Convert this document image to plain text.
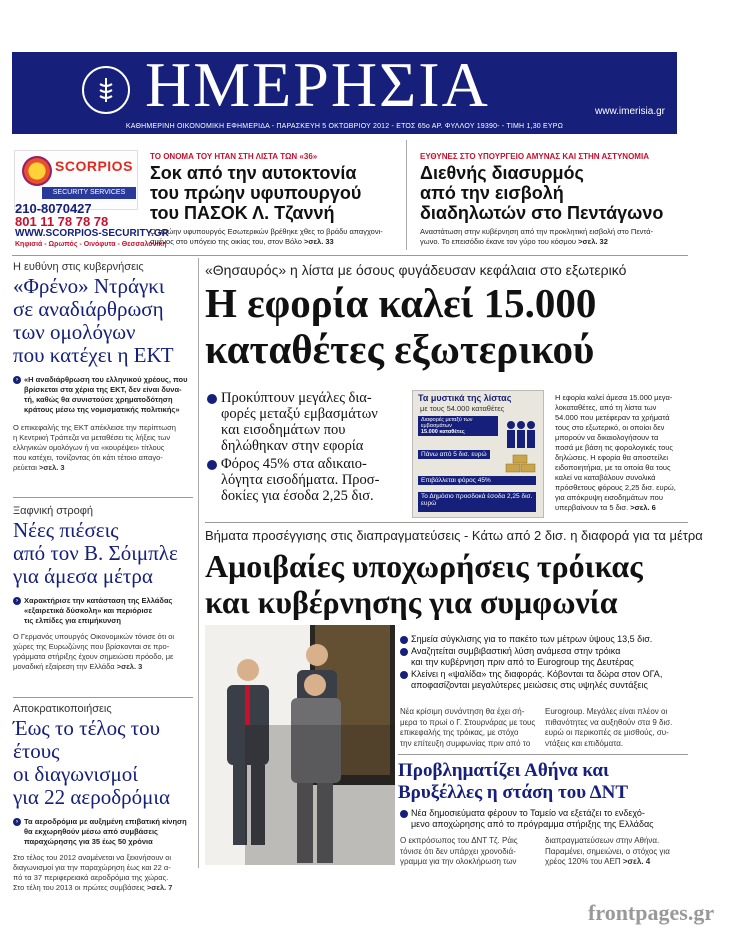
ΗΜΕΡΗΣΙΑ	www.imerisia.gr
ΚΑΘΗΜΕΡΙΝΗ ΟΙΚΟΝΟΜΙΚΗ ΕΦΗΜΕΡΙΔΑ - ΠΑΡΑΣΚΕΥΗ 5 ΟΚΤΩΒΡΙΟΥ 2012 - ΕΤΟΣ 65ο ΑΡ. ΦΥΛΛΟΥ 19390- - ΤΙΜΗ 1,30 ΕΥΡΩ
SCORPIOS
SECURITY SERVICES
210-8070427
801 11 78 78 78
WWW.SCORPIOS-SECURITY.GR
Κηφισιά - Ωρωπός - Οινόφυτα - Θεσσαλονίκη
ΤΟ ΟΝΟΜΑ ΤΟΥ ΗΤΑΝ ΣΤΗ ΛΙΣΤΑ ΤΩΝ «36»
Σοκ από την αυτοκτονία
του πρώην υφυπουργού
του ΠΑΣΟΚ Λ. Τζαννή
Ο πρώην υφυπουργός Εσωτερικών βρέθηκε χθες το βράδυ απαγχονι-
σμένος στο υπόγειο της οικίας του, στον Βόλο >σελ. 33
ΕΥΘΥΝΕΣ ΣΤΟ ΥΠΟΥΡΓΕΙΟ ΑΜΥΝΑΣ ΚΑΙ ΣΤΗΝ ΑΣΤΥΝΟΜΙΑ
Διεθνής διασυρμός
από την εισβολή
διαδηλωτών στο Πεντάγωνο
Αναστάτωση στην κυβέρνηση από την προκλητική εισβολή στο Πεντά-
γωνο. Το επεισόδιο έκανε τον γύρο του κόσμου >σελ. 32
Η ευθύνη στις κυβερνήσεις
«Φρένο» Ντράγκι
σε αναδιάρθρωση
των ομολόγων
που κατέχει η ΕΚΤ
› «Η αναδιάρθρωση του ελληνικού χρέους, που
βρίσκεται στα χέρια της ΕΚΤ, δεν είναι δυνα-
τή, καθώς θα συνιστούσε χρηματοδότηση
κράτους μέσω της νομισματικής πολιτικής»
Ο επικεφαλής της ΕΚΤ απέκλεισε την περίπτωση
η Κεντρική Τράπεζα να μεταθέσει τις λήξεις των
ελληνικών ομολόγων ή να «κουρέψει» τίτλους
που κατέχει, τονίζοντας ότι κάτι τέτοιο απαγο-
ρεύεται >σελ. 3
Ξαφνική στροφή
Νέες πιέσεις
από τον Β. Σόιμπλε
για άμεσα μέτρα
› Χαρακτήρισε την κατάσταση της Ελλάδας
«εξαιρετικά δύσκολη» και περιόρισε
τις ελπίδες για επιμήκυνση
Ο Γερμανός υπουργός Οικονομικών τόνισε ότι οι
χώρες της Ευρωζώνης που βρίσκονται σε προ-
γράμματα στήριξης έχουν σημειώσει πρόοδο, με
μοναδική εξαίρεση την Ελλάδα >σελ. 3
Αποκρατικοποιήσεις
Έως το τέλος του έτους
οι διαγωνισμοί
για 22 αεροδρόμια
› Τα αεροδρόμια με αυξημένη επιβατική κίνηση
θα εκχωρηθούν μέσω από συμβάσεις
παραχώρησης για 35 έως 50 χρόνια
Στο τέλος του 2012 αναμένεται να ξεκινήσουν οι
διαγωνισμοί για την παραχώρηση έως και 22 α-
πό τα 37 περιφερειακά αεροδρόμια της χώρας.
Στο τέλη του 2013 οι πρώτες συμβάσεις >σελ. 7
«Θησαυρός» η λίστα με όσους φυγάδευσαν κεφάλαια στο εξωτερικό
Η εφορία καλεί 15.000
καταθέτες εξωτερικού
Προκύπτουν μεγάλες δια-
φορές μεταξύ εμβασμάτων
και εισοδημάτων που
δηλώθηκαν στην εφορία
Φόρος 45% στα αδικαιο-
λόγητα εισοδήματα. Προσ-
δοκίες για έσοδα 2,25 δισ.
Τα μυστικά της λίστας
με τους 54.000 καταθέτες
Διαφορές μεταξύ των εμβασμάτων
15.000 καταθέτες
Πάνω από 5 δισ. ευρώ
Επιβάλλεται φόρος 45%
Το Δημόσιο προσδοκά έσοδα 2,25 δισ. ευρώ
Η εφορία καλεί άμεσα 15.000 μεγα-
λοκαταθέτες, από τη λίστα των
54.000 που μετέφεραν τα χρήματά
τους στο εξωτερικό, οι οποίοι δεν
μπορούν να δικαιολογήσουν τα
ποσά με βάση τις φορολογικές τους
δηλώσεις. Η εφορία θα αποστείλει
ειδοποιητήρια, με τα οποία θα τους
καλεί να καταβάλουν συνολικά
πρόσθετους φόρους 2,25 δισ. ευρώ,
για απόκρυψη εισοδημάτων που
υπερβαίνουν τα 5 δισ. >σελ. 6
Βήματα προσέγγισης στις διαπραγματεύσεις - Κάτω από 2 δισ. η διαφορά για τα μέτρα
Αμοιβαίες υποχωρήσεις τρόικας
και κυβέρνησης για συμφωνία
Σημεία σύγκλισης για το πακέτο των μέτρων ύψους 13,5 δισ.
Αναζητείται συμβιβαστική λύση ανάμεσα στην τρόικα
και την κυβέρνηση πριν από το Eurogroup της Δευτέρας
Κλείνει η «ψαλίδα» της διαφοράς. Κόβονται τα δώρα στον ΟΓΑ,
αποφασίζονται μεγαλύτερες μειώσεις στις υψηλές συντάξεις
Νέα κρίσιμη συνάντηση θα έχει σή-
μερα το πρωί ο Γ. Στουρνάρας με τους
επικεφαλής της τρόικας, με στόχο
την επίτευξη συμφωνίας πριν από το
Eurogroup. Μεγάλες είναι πλέον οι
πιθανότητες να αυξηθούν στα 9 δισ.
ευρώ οι περικοπές σε μισθούς, συ-
ντάξεις και επιδόματα.
Προβληματίζει Αθήνα και
Βρυξέλλες η στάση του ΔΝΤ
Νέα δημοσιεύματα φέρουν το Ταμείο να εξετάζει το ενδεχό-
μενο αποχώρησης από το πρόγραμμα στήριξης της Ελλάδας
Ο εκπρόσωπος του ΔΝΤ Τζ. Ράις
τόνισε ότι δεν υπάρχει χρονοδιά-
γραμμα για την ολοκλήρωση των
διαπραγματεύσεων στην Αθήνα.
Παραμένει, σημειώνει, ο στόχος για
χρέος 120% του ΑΕΠ >σελ. 4
frontpages.gr
